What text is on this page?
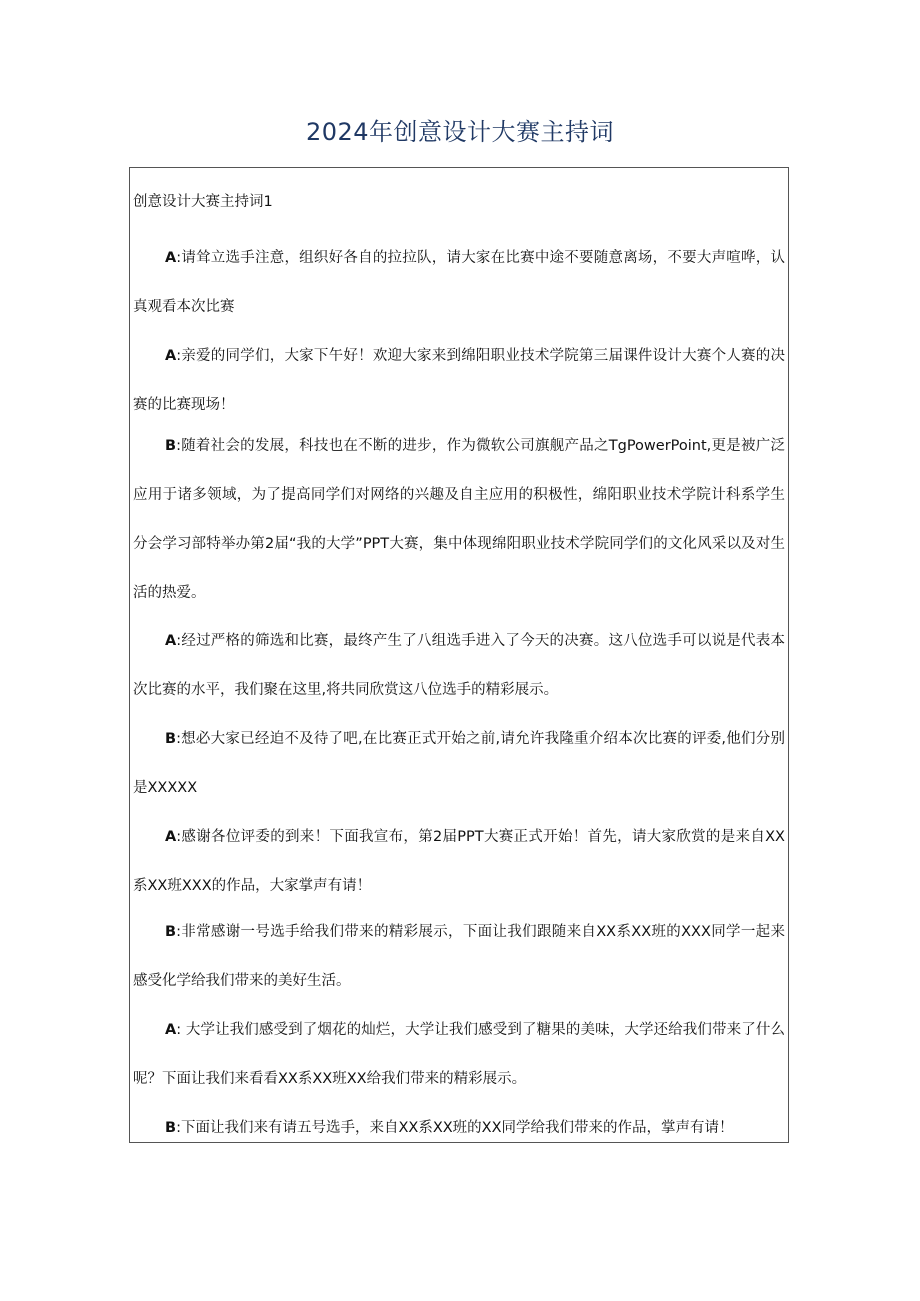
2024年创意设计大赛主持词
创意设计大赛主持词1

A:请耸立选手注意，组织好各自的拉拉队，请大家在比赛中途不要随意离场，不要大声喧哗，认真观看本次比赛

A:亲爱的同学们，大家下午好！欢迎大家来到绵阳职业技术学院第三届课件设计大赛个人赛的决赛的比赛现场！

B:随着社会的发展，科技也在不断的进步，作为微软公司旗舰产品之TgPowerPoint,更是被广泛应用于诸多领域，为了提高同学们对网络的兴趣及自主应用的积极性，绵阳职业技术学院计科系学生分会学习部特举办第2届“我的大学”PPT大赛，集中体现绵阳职业技术学院同学们的文化风采以及对生活的热爱。

A:经过严格的筛选和比赛，最终产生了八组选手进入了今天的决赛。这八位选手可以说是代表本次比赛的水平，我们聚在这里,将共同欣赏这八位选手的精彩展示。

B:想必大家已经迫不及待了吧,在比赛正式开始之前,请允许我隆重介绍本次比赛的评委,他们分别是XXXXX

A:感谢各位评委的到来！下面我宣布，第2届PPT大赛正式开始！首先，请大家欣赏的是来自XX系XX班XXX的作品，大家掌声有请！

B:非常感谢一号选手给我们带来的精彩展示，下面让我们跟随来自XX系XX班的XXX同学一起来感受化学给我们带来的美好生活。

A: 大学让我们感受到了烟花的灿烂，大学让我们感受到了糖果的美味，大学还给我们带来了什么呢？下面让我们来看看XX系XX班XX给我们带来的精彩展示。

B:下面让我们来有请五号选手，来自XX系XX班的XX同学给我们带来的作品，掌声有请！
